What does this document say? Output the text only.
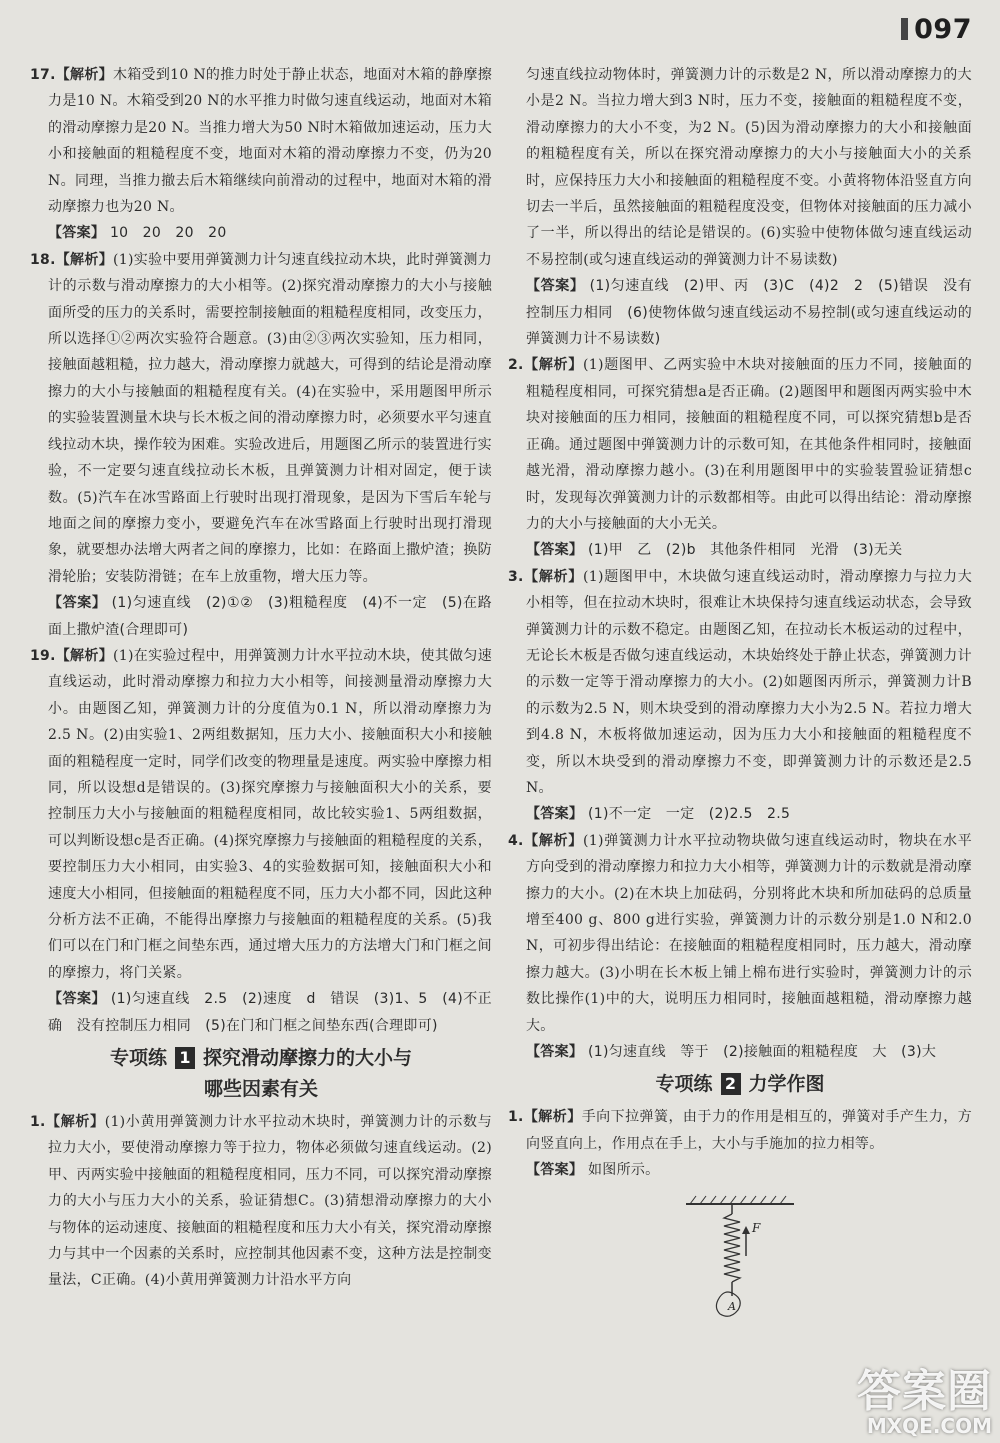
097

17.【解析】木箱受到10 N的推力时处于静止状态，地面对木箱的静摩擦力是10 N。木箱受到20 N的水平推力时做匀速直线运动，地面对木箱的滑动摩擦力是20 N。当推力增大为50 N时木箱做加速运动，压力大小和接触面的粗糙程度不变，地面对木箱的滑动摩擦力不变，仍为20 N。同理，当推力撤去后木箱继续向前滑动的过程中，地面对木箱的滑动摩擦力也为20 N。

【答案】 10　20　20　20

18.【解析】(1)实验中要用弹簧测力计匀速直线拉动木块，此时弹簧测力计的示数与滑动摩擦力的大小相等。(2)探究滑动摩擦力的大小与接触面所受的压力的关系时，需要控制接触面的粗糙程度相同，改变压力，所以选择①②两次实验符合题意。(3)由②③两次实验知，压力相同，接触面越粗糙，拉力越大，滑动摩擦力就越大，可得到的结论是滑动摩擦力的大小与接触面的粗糙程度有关。(4)在实验中，采用题图甲所示的实验装置测量木块与长木板之间的滑动摩擦力时，必须要水平匀速直线拉动木块，操作较为困难。实验改进后，用题图乙所示的装置进行实验，不一定要匀速直线拉动长木板，且弹簧测力计相对固定，便于读数。(5)汽车在冰雪路面上行驶时出现打滑现象，是因为下雪后车轮与地面之间的摩擦力变小，要避免汽车在冰雪路面上行驶时出现打滑现象，就要想办法增大两者之间的摩擦力，比如：在路面上撒炉渣；换防滑轮胎；安装防滑链；在车上放重物，增大压力等。

【答案】 (1)匀速直线　(2)①②　(3)粗糙程度　(4)不一定　(5)在路面上撒炉渣(合理即可)

19.【解析】(1)在实验过程中，用弹簧测力计水平拉动木块，使其做匀速直线运动，此时滑动摩擦力和拉力大小相等，间接测量滑动摩擦力大小。由题图乙知，弹簧测力计的分度值为0.1 N，所以滑动摩擦力为2.5 N。(2)由实验1、2两组数据知，压力大小、接触面积大小和接触面的粗糙程度一定时，同学们改变的物理量是速度。两实验中摩擦力相同，所以设想d是错误的。(3)探究摩擦力与接触面积大小的关系，要控制压力大小与接触面的粗糙程度相同，故比较实验1、5两组数据，可以判断设想c是否正确。(4)探究摩擦力与接触面的粗糙程度的关系，要控制压力大小相同，由实验3、4的实验数据可知，接触面积大小和速度大小相同，但接触面的粗糙程度不同，压力大小都不同，因此这种分析方法不正确，不能得出摩擦力与接触面的粗糙程度的关系。(5)我们可以在门和门框之间垫东西，通过增大压力的方法增大门和门框之间的摩擦力，将门关紧。

【答案】 (1)匀速直线　2.5　(2)速度　d　错误　(3)1、5　(4)不正确　没有控制压力相同　(5)在门和门框之间垫东西(合理即可)

专项练 1 探究滑动摩擦力的大小与
哪些因素有关

1.【解析】(1)小黄用弹簧测力计水平拉动木块时，弹簧测力计的示数与拉力大小，要使滑动摩擦力等于拉力，物体必须做匀速直线运动。(2)甲、丙两实验中接触面的粗糙程度相同，压力不同，可以探究滑动摩擦力的大小与压力大小的关系，验证猜想C。(3)猜想滑动摩擦力的大小与物体的运动速度、接触面的粗糙程度和压力大小有关，探究滑动摩擦力与其中一个因素的关系时，应控制其他因素不变，这种方法是控制变量法，C正确。(4)小黄用弹簧测力计沿水平方向

匀速直线拉动物体时，弹簧测力计的示数是2 N，所以滑动摩擦力的大小是2 N。当拉力增大到3 N时，压力不变，接触面的粗糙程度不变，滑动摩擦力的大小不变，为2 N。(5)因为滑动摩擦力的大小和接触面的粗糙程度有关，所以在探究滑动摩擦力的大小与接触面大小的关系时，应保持压力大小和接触面的粗糙程度不变。小黄将物体沿竖直方向切去一半后，虽然接触面的粗糙程度没变，但物体对接触面的压力减小了一半，所以得出的结论是错误的。(6)实验中使物体做匀速直线运动不易控制(或匀速直线运动的弹簧测力计不易读数)

【答案】 (1)匀速直线　(2)甲、丙　(3)C　(4)2　2　(5)错误　没有控制压力相同　(6)使物体做匀速直线运动不易控制(或匀速直线运动的弹簧测力计不易读数)

2.【解析】(1)题图甲、乙两实验中木块对接触面的压力不同，接触面的粗糙程度相同，可探究猜想a是否正确。(2)题图甲和题图丙两实验中木块对接触面的压力相同，接触面的粗糙程度不同，可以探究猜想b是否正确。通过题图中弹簧测力计的示数可知，在其他条件相同时，接触面越光滑，滑动摩擦力越小。(3)在利用题图甲中的实验装置验证猜想c时，发现每次弹簧测力计的示数都相等。由此可以得出结论：滑动摩擦力的大小与接触面的大小无关。

【答案】 (1)甲　乙　(2)b　其他条件相同　光滑　(3)无关

3.【解析】(1)题图甲中，木块做匀速直线运动时，滑动摩擦力与拉力大小相等，但在拉动木块时，很难让木块保持匀速直线运动状态，会导致弹簧测力计的示数不稳定。由题图乙知，在拉动长木板运动的过程中，无论长木板是否做匀速直线运动，木块始终处于静止状态，弹簧测力计的示数一定等于滑动摩擦力的大小。(2)如题图丙所示，弹簧测力计B的示数为2.5 N，则木块受到的滑动摩擦力大小为2.5 N。若拉力增大到4.8 N，木板将做加速运动，因为压力大小和接触面的粗糙程度不变，所以木块受到的滑动摩擦力不变，即弹簧测力计的示数还是2.5 N。

【答案】 (1)不一定　一定　(2)2.5　2.5

4.【解析】(1)弹簧测力计水平拉动物块做匀速直线运动时，物块在水平方向受到的滑动摩擦力和拉力大小相等，弹簧测力计的示数就是滑动摩擦力的大小。(2)在木块上加砝码，分别将此木块和所加砝码的总质量增至400 g、800 g进行实验，弹簧测力计的示数分别是1.0 N和2.0 N，可初步得出结论：在接触面的粗糙程度相同时，压力越大，滑动摩擦力越大。(3)小明在长木板上铺上棉布进行实验时，弹簧测力计的示数比操作(1)中的大，说明压力相同时，接触面越粗糙，滑动摩擦力越大。

【答案】 (1)匀速直线　等于　(2)接触面的粗糙程度　大　(3)大

专项练 2 力学作图

1.【解析】手向下拉弹簧，由于力的作用是相互的，弹簧对手产生力，方向竖直向上，作用点在手上，大小与手施加的拉力相等。

【答案】 如图所示。

F
A
答案圈
MXQE.COM
